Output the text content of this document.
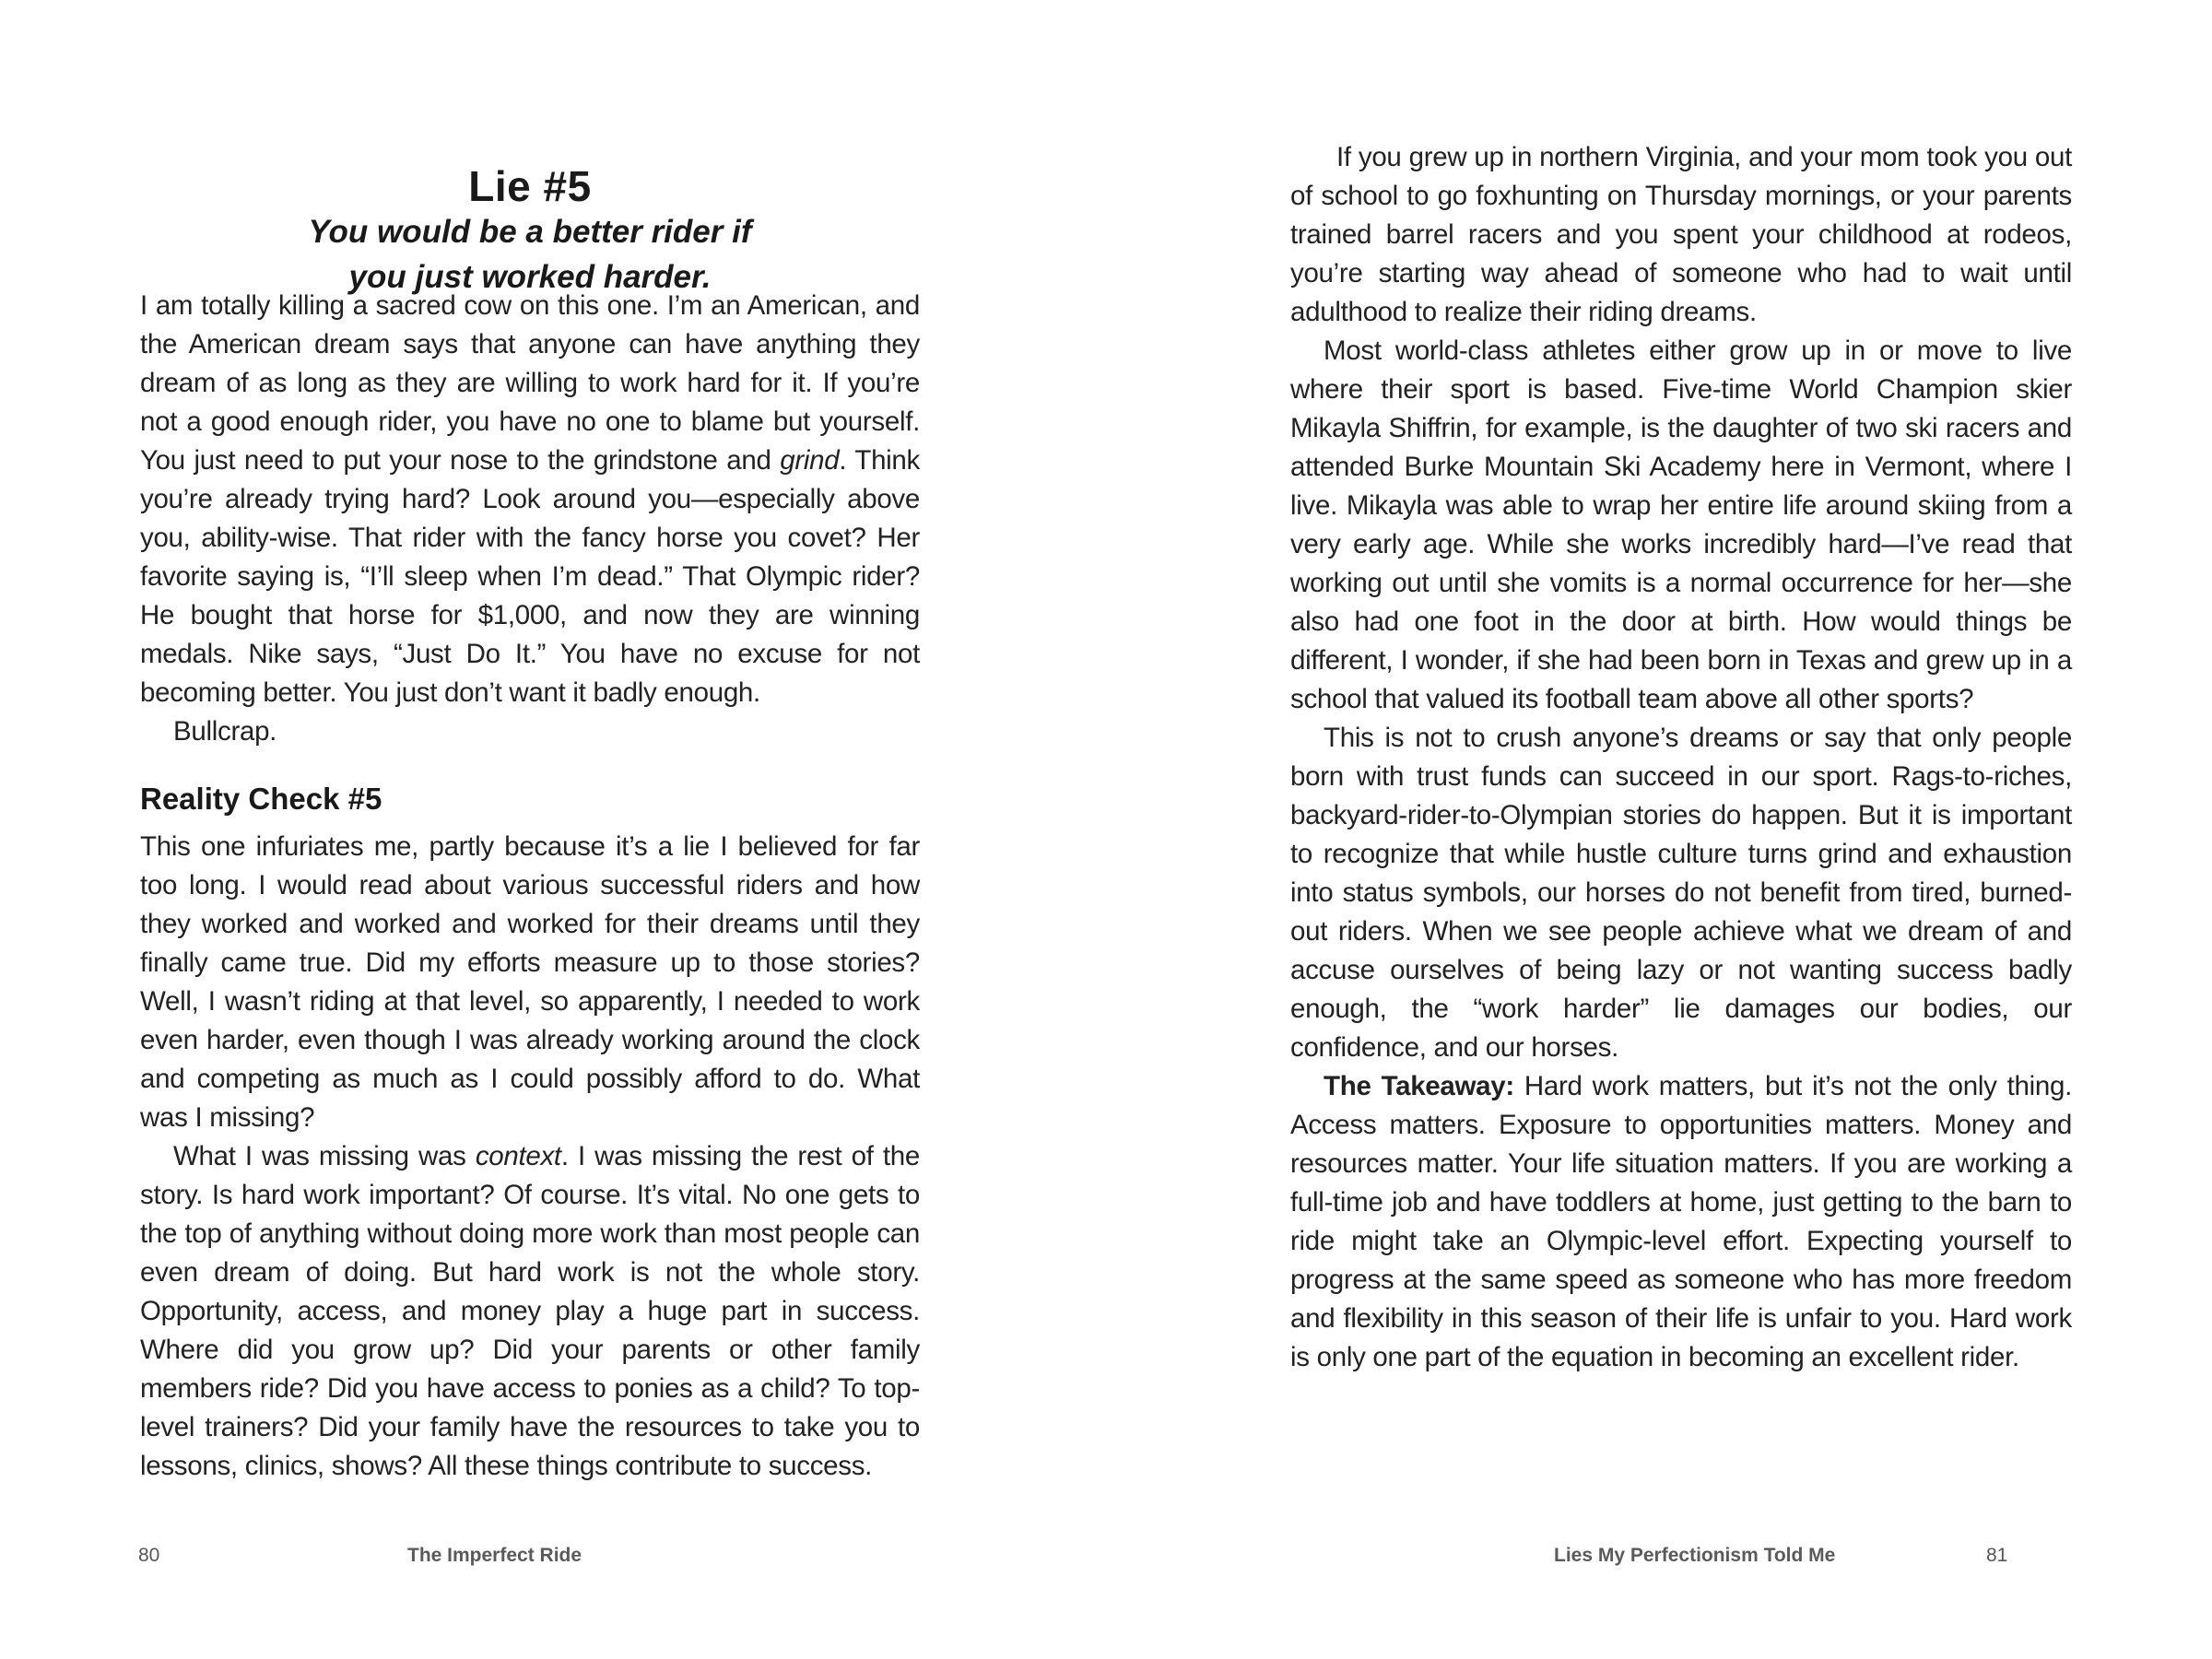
Lie #5
You would be a better rider if
you just worked harder.

I am totally killing a sacred cow on this one. I’m an American, and the American dream says that anyone can have anything they dream of as long as they are willing to work hard for it. If you’re not a good enough rider, you have no one to blame but yourself. You just need to put your nose to the grindstone and grind. Think you’re already trying hard? Look around you—especially above you, ability-wise. That rider with the fancy horse you covet? Her favorite saying is, “I’ll sleep when I’m dead.” That Olympic rider? He bought that horse for $1,000, and now they are winning medals. Nike says, “Just Do It.” You have no excuse for not becoming better. You just don’t want it badly enough.

Bullcrap.

Reality Check #5

This one infuriates me, partly because it’s a lie I believed for far too long. I would read about various successful riders and how they worked and worked and worked for their dreams until they finally came true. Did my efforts measure up to those stories? Well, I wasn’t riding at that level, so apparently, I needed to work even harder, even though I was already working around the clock and competing as much as I could possibly afford to do. What was I missing?

What I was missing was context. I was missing the rest of the story. Is hard work important? Of course. It’s vital. No one gets to the top of anything without doing more work than most people can even dream of doing. But hard work is not the whole story. Opportunity, access, and money play a huge part in success. Where did you grow up? Did your parents or other family members ride? Did you have access to ponies as a child? To top-level trainers? Did your family have the resources to take you to lessons, clinics, shows? All these things contribute to success.

80	The Imperfect Ride

If you grew up in northern Virginia, and your mom took you out of school to go foxhunting on Thursday mornings, or your parents trained barrel racers and you spent your childhood at rodeos, you’re starting way ahead of someone who had to wait until adulthood to realize their riding dreams.

Most world-class athletes either grow up in or move to live where their sport is based. Five-time World Champion skier Mikayla Shiffrin, for example, is the daughter of two ski racers and attended Burke Mountain Ski Academy here in Vermont, where I live. Mikayla was able to wrap her entire life around skiing from a very early age. While she works incredibly hard—I’ve read that working out until she vomits is a normal occurrence for her—she also had one foot in the door at birth. How would things be different, I wonder, if she had been born in Texas and grew up in a school that valued its football team above all other sports?

This is not to crush anyone’s dreams or say that only people born with trust funds can succeed in our sport. Rags-to-riches, backyard-rider-to-Olympian stories do happen. But it is important to recognize that while hustle culture turns grind and exhaustion into status symbols, our horses do not benefit from tired, burned-out riders. When we see people achieve what we dream of and accuse ourselves of being lazy or not wanting success badly enough, the “work harder” lie damages our bodies, our confidence, and our horses.

The Takeaway: Hard work matters, but it’s not the only thing. Access matters. Exposure to opportunities matters. Money and resources matter. Your life situation matters. If you are working a full-time job and have toddlers at home, just getting to the barn to ride might take an Olympic-level effort. Expecting yourself to progress at the same speed as someone who has more freedom and flexibility in this season of their life is unfair to you. Hard work is only one part of the equation in becoming an excellent rider.

Lies My Perfectionism Told Me	81
